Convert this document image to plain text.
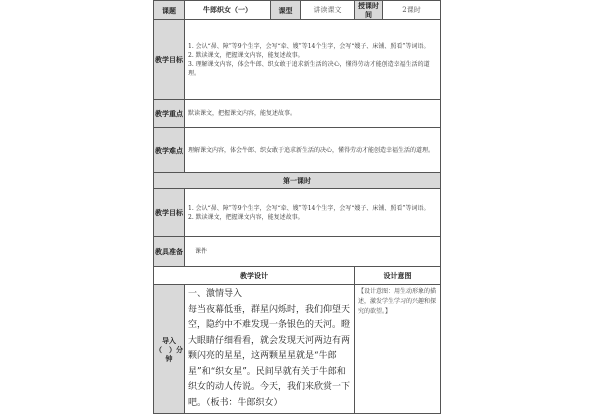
课题	牛郎织女（一）	课型	讲读课文	授课时间	2课时
教学目标	1. 会认“昴、障”等9个生字，会写“牵、嫂”等14个生字，会写“嫂子、床铺、照看”等词语。

2. 默读课文，把握课文内容，能复述故事。

3. 理解课文内容，体会牛郎、织女敢于追求新生活的决心，懂得劳动才能创造幸福生活的道理。				

教学重点	默读课文，把握课文内容，能复述故事。				
教学难点	理解课文内容，体会牛郎、织女敢于追求新生活的决心，懂得劳动才能创造幸福生活的道理。				
第一课时					
教学目标	1. 会认“昴、障”等9个生字，会写“牵、嫂”等14个生字，会写“嫂子、床铺、照看”等词语。

2. 默读课文，把握课文内容，能复述故事。				

教具准备	课件				
教学设计				设计意图	
导入（　）分钟	一、激情导入

每当夜幕低垂，群星闪烁时，我们仰望天空，隐约中不难发现一条银色的天河。瞪大眼睛仔细看看，就会发现天河两边有两颗闪亮的星星，这两颗星星就是“牛郎星”和“织女星”。民间早就有关于牛郎和织女的动人传说。今天，我们来欣赏一下吧。（板书：牛郎织女）			【设计意图：用生动形象的描述，激发学生学习的兴趣和探究的欲望。】	
